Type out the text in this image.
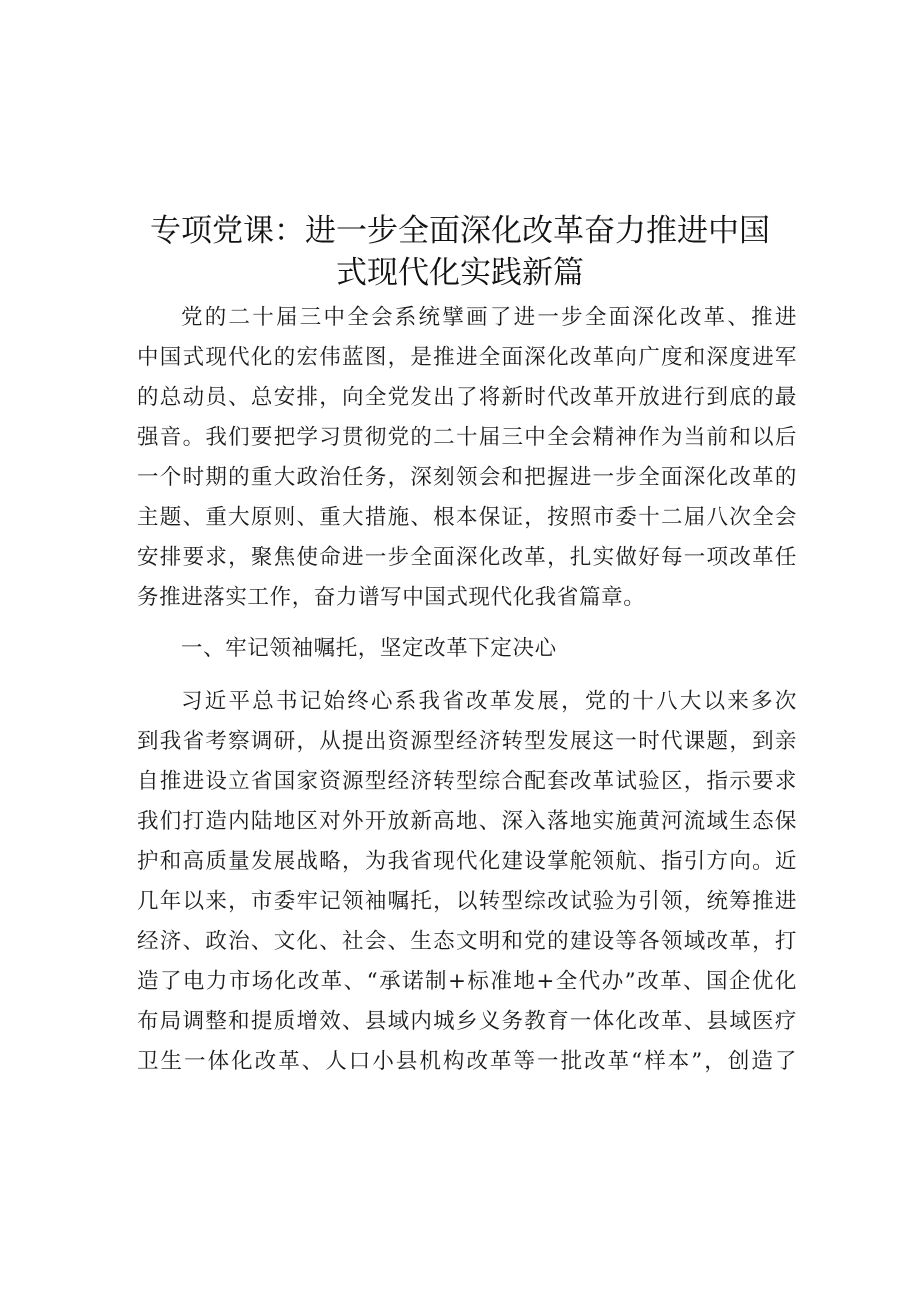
专项党课：进一步全面深化改革奋力推进中国
式现代化实践新篇
党的二十届三中全会系统擘画了进一步全面深化改革、推进
中国式现代化的宏伟蓝图，是推进全面深化改革向广度和深度进军
的总动员、总安排，向全党发出了将新时代改革开放进行到底的最
强音。我们要把学习贯彻党的二十届三中全会精神作为当前和以后
一个时期的重大政治任务，深刻领会和把握进一步全面深化改革的
主题、重大原则、重大措施、根本保证，按照市委十二届八次全会
安排要求，聚焦使命进一步全面深化改革，扎实做好每一项改革任
务推进落实工作，奋力谱写中国式现代化我省篇章。
一、牢记领袖嘱托，坚定改革下定决心
习近平总书记始终心系我省改革发展，党的十八大以来多次
到我省考察调研，从提出资源型经济转型发展这一时代课题，到亲
自推进设立省国家资源型经济转型综合配套改革试验区，指示要求
我们打造内陆地区对外开放新高地、深入落地实施黄河流域生态保
护和高质量发展战略，为我省现代化建设掌舵领航、指引方向。近
几年以来，市委牢记领袖嘱托，以转型综改试验为引领，统筹推进
经济、政治、文化、社会、生态文明和党的建设等各领域改革，打
造了电力市场化改革、“承诺制+标准地+全代办”改革、国企优化
布局调整和提质增效、县域内城乡义务教育一体化改革、县域医疗
卫生一体化改革、人口小县机构改革等一批改革“样本”，创造了
